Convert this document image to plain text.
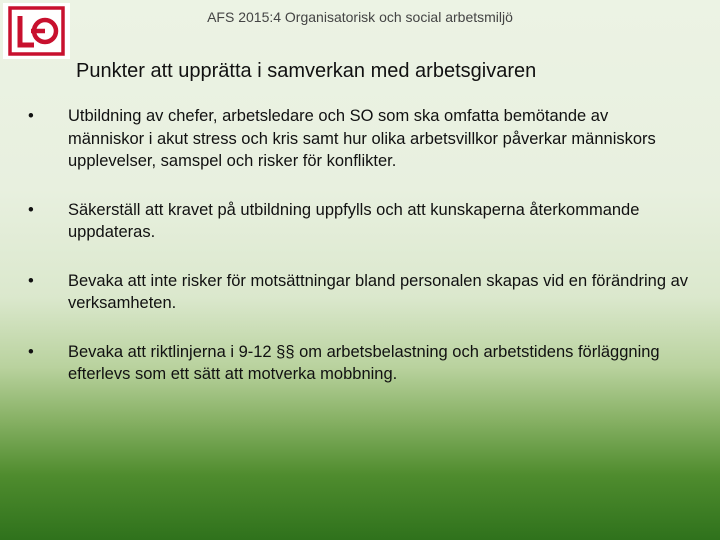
AFS 2015:4 Organisatorisk och social arbetsmiljö
Punkter att upprätta i samverkan med arbetsgivaren
•	Utbildning av chefer, arbetsledare och SO som ska omfatta bemötande av människor i akut stress och kris samt hur olika arbetsvillkor påverkar människors upplevelser, samspel och risker för konflikter.
•	Säkerställ att kravet på utbildning uppfylls och att kunskaperna återkommande uppdateras.
•	Bevaka att inte risker för motsättningar bland personalen skapas vid en förändring av verksamheten.
•	Bevaka att riktlinjerna i 9-12 §§ om arbetsbelastning och arbetstidens förläggning efterlevs som ett sätt att motverka mobbning.
